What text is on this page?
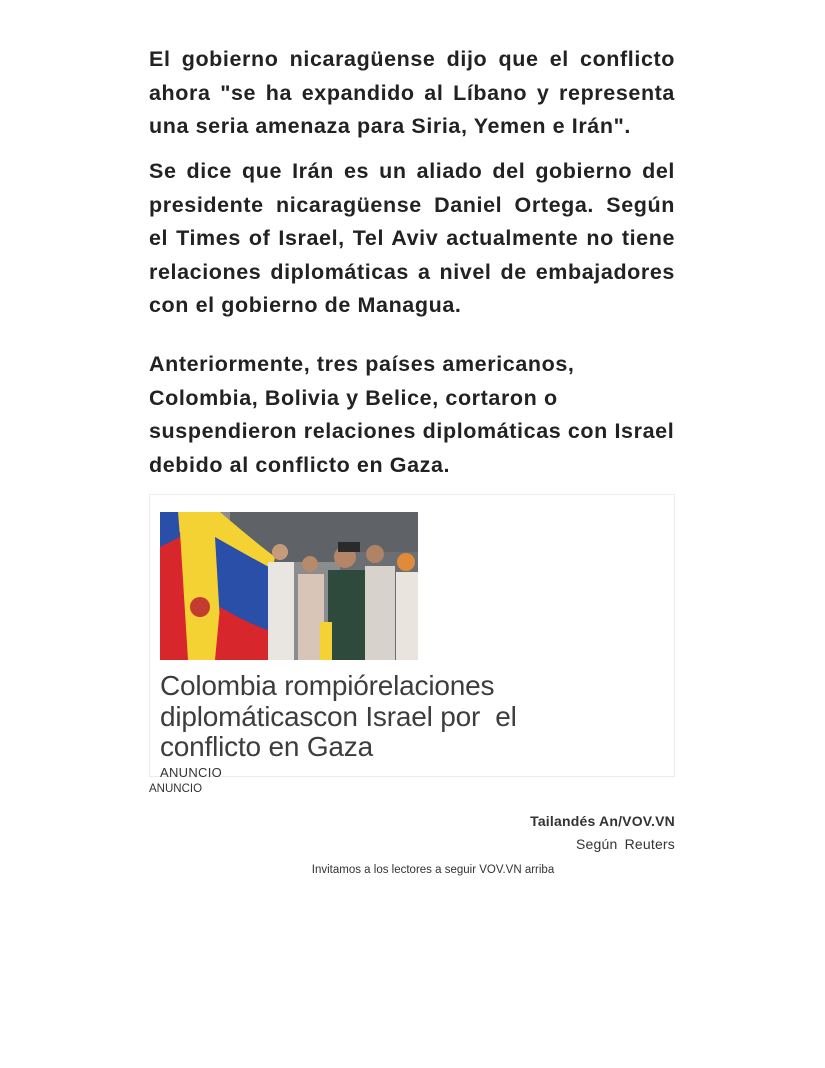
El gobierno nicaragüense dijo que el conflicto ahora "se ha expandido al Líbano y representa una seria amenaza para Siria, Yemen e Irán".

Se dice que Irán es un aliado del gobierno del presidente nicaragüense Daniel Ortega. Según el Times of Israel, Tel Aviv actualmente no tiene relaciones diplomáticas a nivel de embajadores con el gobierno de Managua.

Anteriormente, tres países americanos,
Colombia, Bolivia y Belice, cortaron o
suspendieron relaciones diplomáticas con Israel
debido al conflicto en Gaza.
Colombia rompiórelaciones
diplomáticascon Israel por  el
conflicto en Gaza
ANUNCIO
ANUNCIO
Tailandés An/VOV.VN
Según Reuters
Invitamos a los lectores a seguir VOV.VN arriba
